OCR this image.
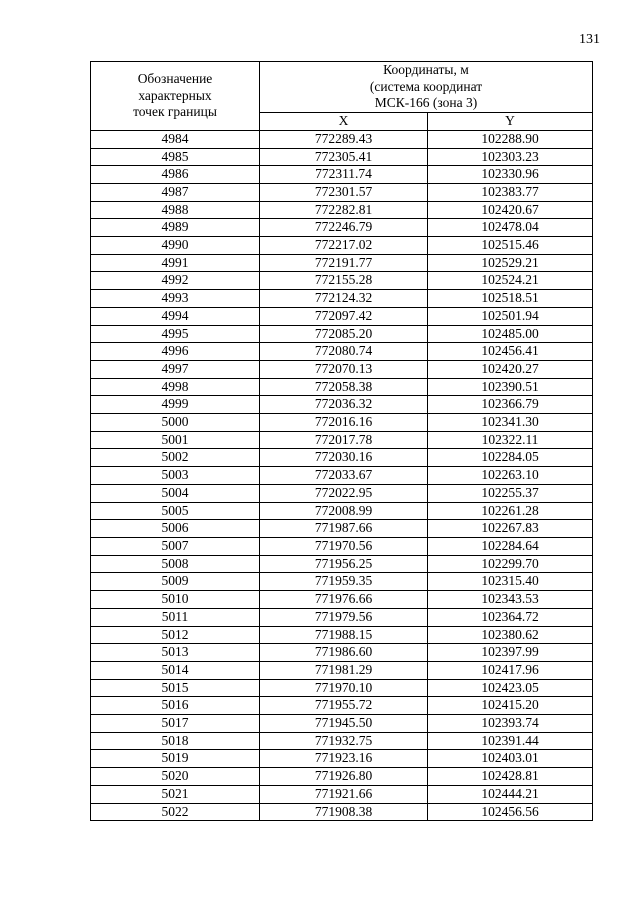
131
Обозначение
характерных
точек границы	Координаты, м
(система координат
МСК-166 (зона 3)	

	X	Y
4984	772289.43	102288.90
4985	772305.41	102303.23
4986	772311.74	102330.96
4987	772301.57	102383.77
4988	772282.81	102420.67
4989	772246.79	102478.04
4990	772217.02	102515.46
4991	772191.77	102529.21
4992	772155.28	102524.21
4993	772124.32	102518.51
4994	772097.42	102501.94
4995	772085.20	102485.00
4996	772080.74	102456.41
4997	772070.13	102420.27
4998	772058.38	102390.51
4999	772036.32	102366.79
5000	772016.16	102341.30
5001	772017.78	102322.11
5002	772030.16	102284.05
5003	772033.67	102263.10
5004	772022.95	102255.37
5005	772008.99	102261.28
5006	771987.66	102267.83
5007	771970.56	102284.64
5008	771956.25	102299.70
5009	771959.35	102315.40
5010	771976.66	102343.53
5011	771979.56	102364.72
5012	771988.15	102380.62
5013	771986.60	102397.99
5014	771981.29	102417.96
5015	771970.10	102423.05
5016	771955.72	102415.20
5017	771945.50	102393.74
5018	771932.75	102391.44
5019	771923.16	102403.01
5020	771926.80	102428.81
5021	771921.66	102444.21
5022	771908.38	102456.56
